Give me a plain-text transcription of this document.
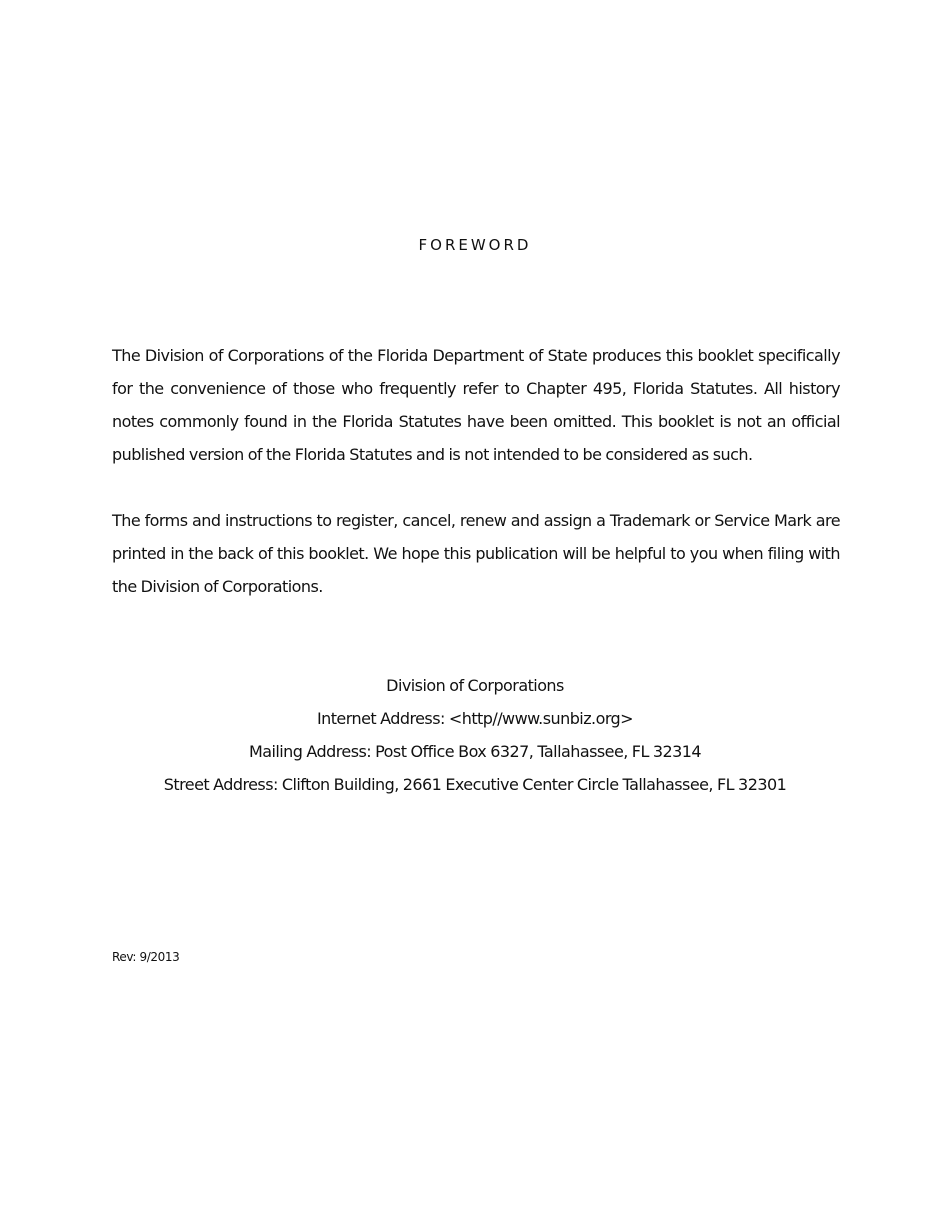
FOREWORD

The Division of Corporations of the Florida Department of State produces this booklet specifically for the convenience of those who frequently refer to Chapter 495, Florida Statutes. All history notes commonly found in the Florida Statutes have been omitted. This booklet is not an official published version of the Florida Statutes and is not intended to be considered as such.

The forms and instructions to register, cancel, renew and assign a Trademark or Service Mark are printed in the back of this booklet. We hope this publication will be helpful to you when filing with the Division of Corporations.

Division of Corporations
Internet Address: <http//www.sunbiz.org>
Mailing Address: Post Office Box 6327, Tallahassee, FL 32314
Street Address: Clifton Building, 2661 Executive Center Circle Tallahassee, FL 32301
Rev: 9/2013
